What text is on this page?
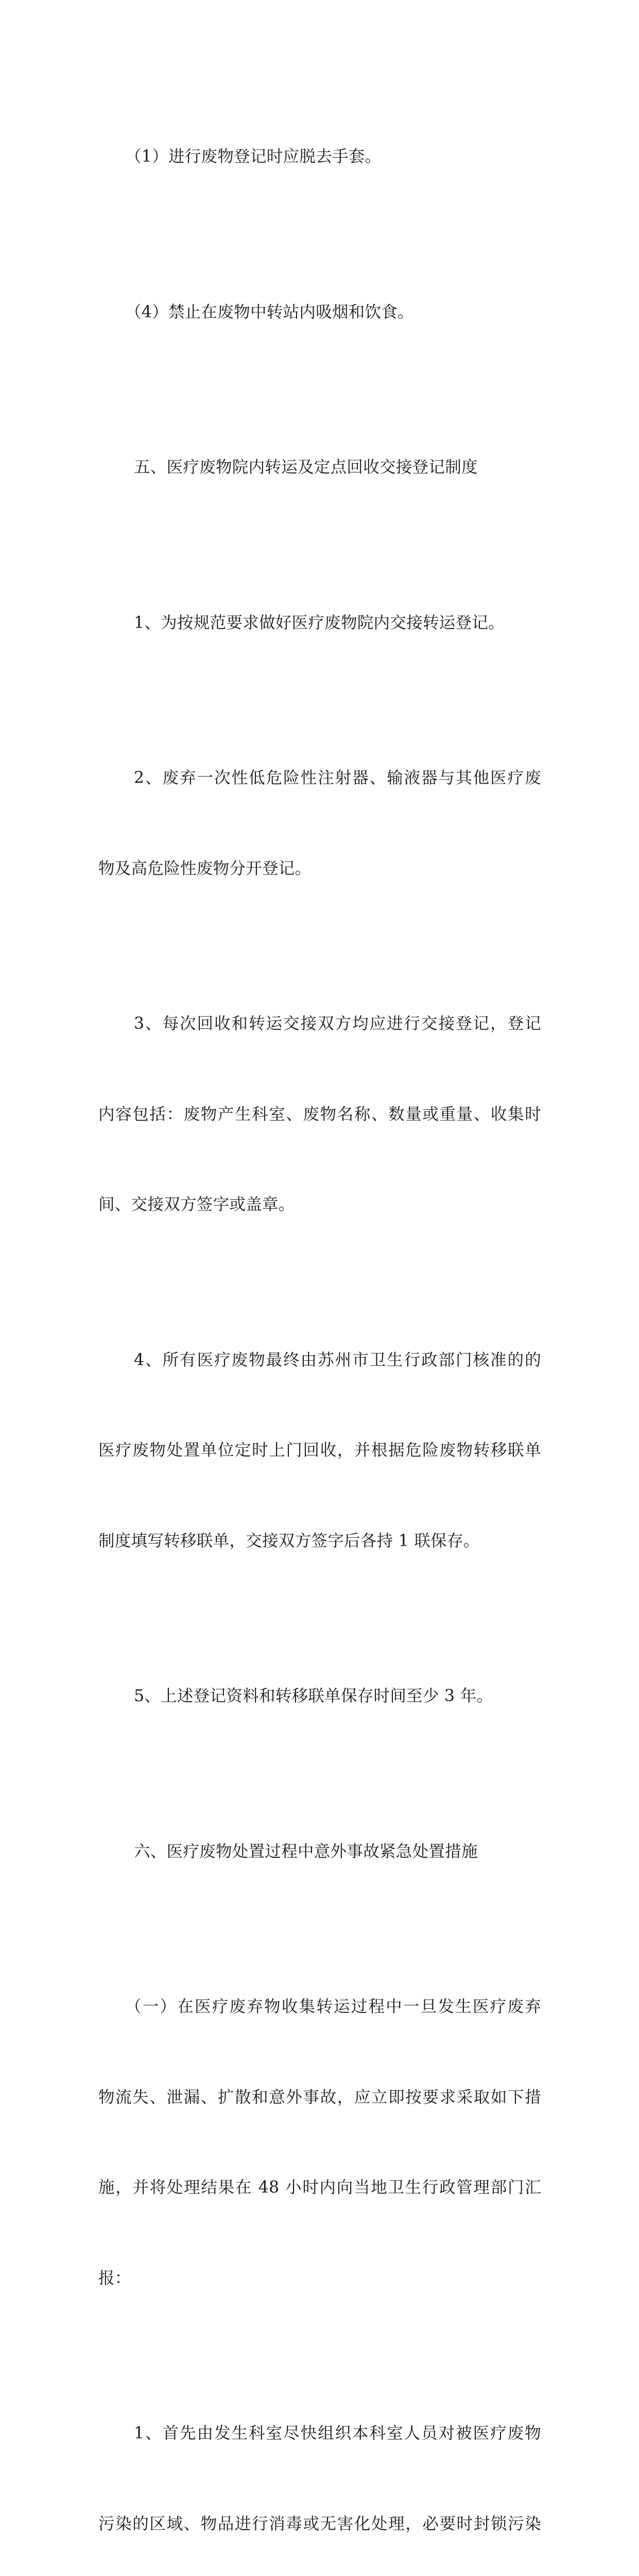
（1）进行废物登记时应脱去手套。

（4）禁止在废物中转站内吸烟和饮食。

五、医疗废物院内转运及定点回收交接登记制度

1、为按规范要求做好医疗废物院内交接转运登记。

2、废弃一次性低危险性注射器、输液器与其他医疗废

物及高危险性废物分开登记。

3、每次回收和转运交接双方均应进行交接登记，登记

内容包括：废物产生科室、废物名称、数量或重量、收集时

间、交接双方签字或盖章。

4、所有医疗废物最终由苏州市卫生行政部门核准的的

医疗废物处置单位定时上门回收，并根据危险废物转移联单

制度填写转移联单，交接双方签字后各持 1 联保存。

5、上述登记资料和转移联单保存时间至少 3 年。

六、医疗废物处置过程中意外事故紧急处置措施

（一）在医疗废弃物收集转运过程中一旦发生医疗废弃

物流失、泄漏、扩散和意外事故，应立即按要求采取如下措

施，并将处理结果在 48 小时内向当地卫生行政管理部门汇

报：

1、首先由发生科室尽快组织本科室人员对被医疗废物

污染的区域、物品进行消毒或无害化处理，必要时封锁污染
